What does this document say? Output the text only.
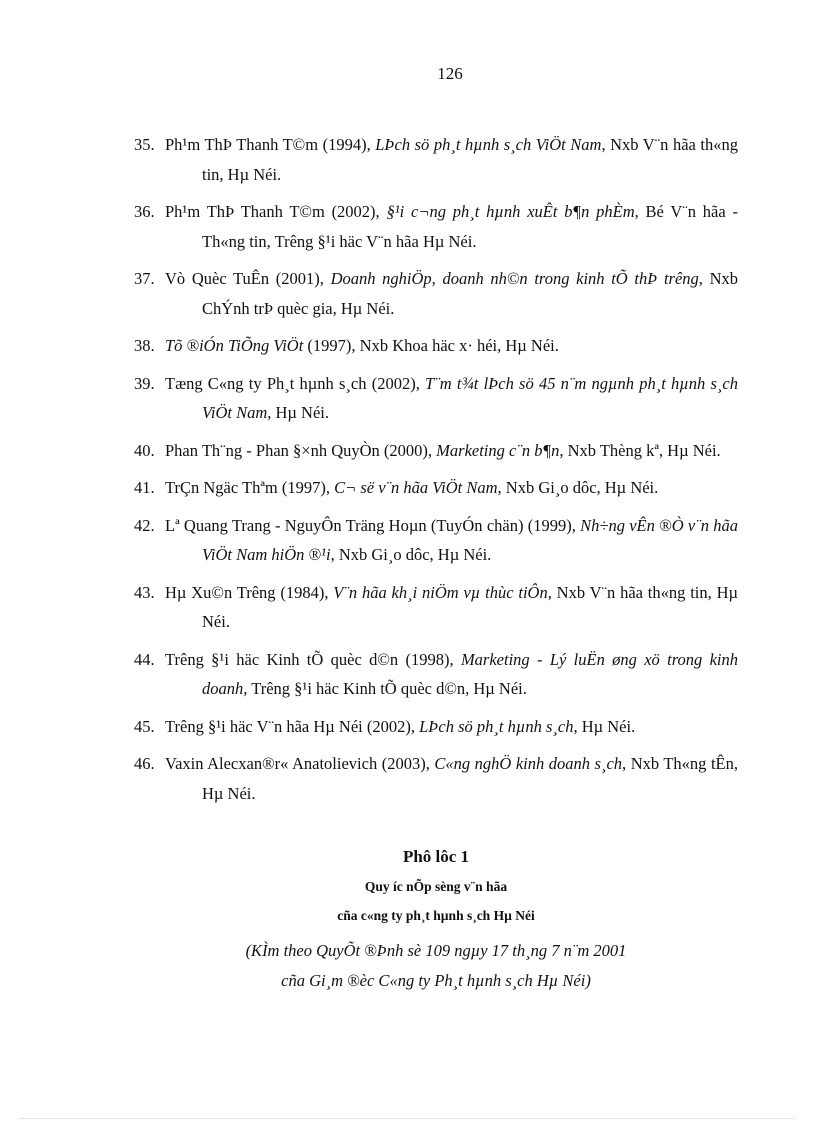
126
35. Ph¹m ThÞ Thanh T©m (1994), LÞch sö ph¸t hµnh s¸ch ViÖt Nam, Nxb V¨n hãa th«ng tin, Hµ Néi.
36. Ph¹m ThÞ Thanh T©m (2002), §¹i c¬ng ph¸t hµnh xuÊt b¶n phÈm, Bé V¨n hãa - Th«ng tin, Trêng §¹i häc V¨n hãa Hµ Néi.
37. Vò Quèc TuÊn (2001), Doanh nghiÖp, doanh nh©n trong kinh tÕ thÞ trêng, Nxb ChÝnh trÞ quèc gia, Hµ Néi.
38. Tõ ®iÓn TiÕng ViÖt (1997), Nxb Khoa häc x· héi, Hµ Néi.
39. Tæng C«ng ty Ph¸t hµnh s¸ch (2002), T¨m t¾t lÞch sö 45 n¨m ngµnh ph¸t hµnh s¸ch ViÖt Nam, Hµ Néi.
40. Phan Th¨ng - Phan §×nh QuyÒn (2000), Marketing c¨n b¶n, Nxb Thèng kª, Hµ Néi.
41. TrÇn Ngäc Thªm (1997), C¬ së v¨n hãa ViÖt Nam, Nxb Gi¸o dôc, Hµ Néi.
42. Lª Quang Trang - NguyÔn Träng Hoµn (TuyÓn chän) (1999), Nh÷ng vÊn ®Ò v¨n hãa ViÖt Nam hiÖn ®¹i, Nxb Gi¸o dôc, Hµ Néi.
43. Hµ Xu©n Trêng (1984), V¨n hãa kh¸i niÖm vµ thùc tiÔn, Nxb V¨n hãa th«ng tin, Hµ Néi.
44. Trêng §¹i häc Kinh tÕ quèc d©n (1998), Marketing - Lý luËn øng xö trong kinh doanh, Trêng §¹i häc Kinh tÕ quèc d©n, Hµ Néi.
45. Trêng §¹i häc V¨n hãa Hµ Néi (2002), LÞch sö ph¸t hµnh s¸ch, Hµ Néi.
46. Vaxin Alecxan®r« Anatolievich (2003), C«ng nghÖ kinh doanh s¸ch, Nxb Th«ng tÊn, Hµ Néi.

Phô lôc 1

Quy íc nÕp sèng v¨n hãa

cña c«ng ty ph¸t hµnh s¸ch Hµ Néi

(KÌm theo QuyÕt ®Þnh sè 109 ngµy 17 th¸ng 7 n¨m 2001
cña Gi¸m ®èc C«ng ty Ph¸t hµnh s¸ch Hµ Néi)
